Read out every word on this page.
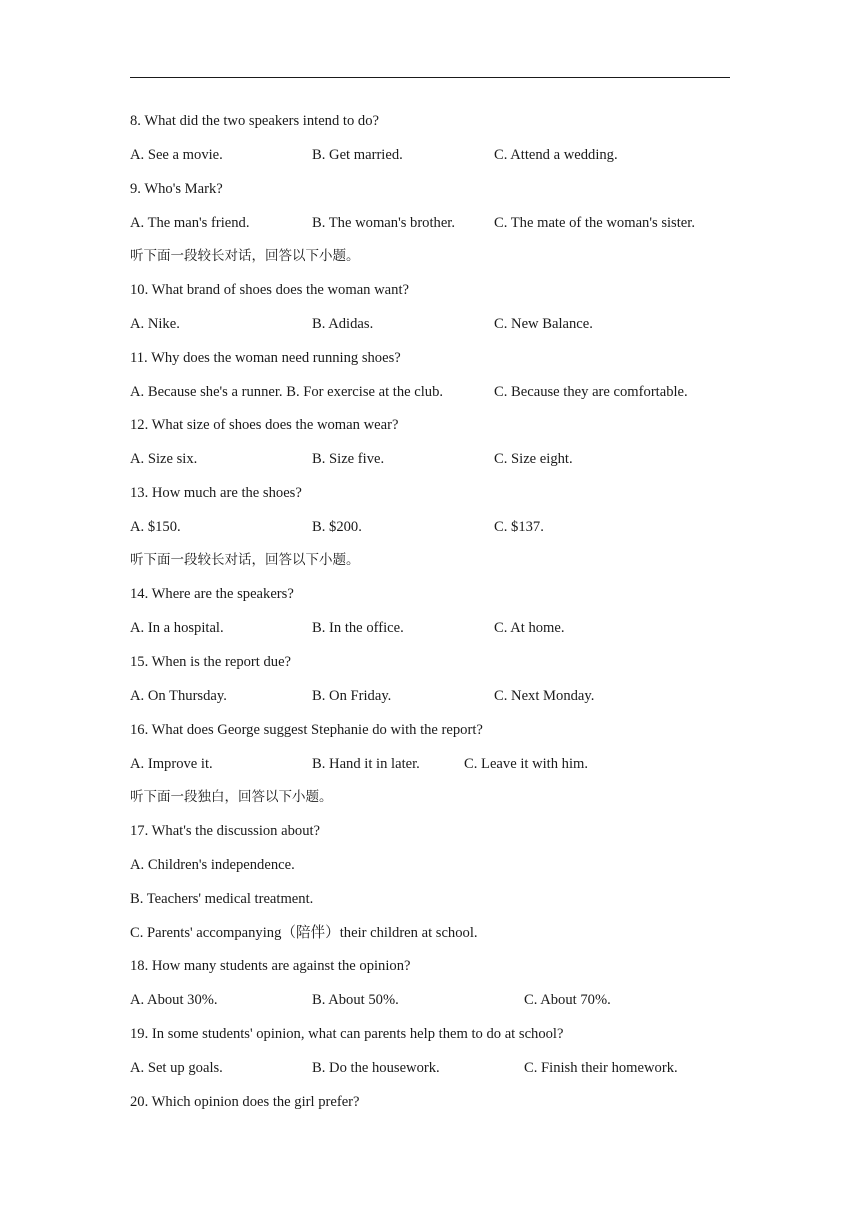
8. What did the two speakers intend to do?
A. See a movie.	B. Get married.	C. Attend a wedding.
9. Who's Mark?
A. The man's friend.	B. The woman's brother.	C. The mate of the woman's sister.
听下面一段较长对话，回答以下小题。
10. What brand of shoes does the woman want?
A. Nike.	B. Adidas.	C. New Balance.
11. Why does the woman need running shoes?
A. Because she's a runner. B. For exercise at the club.	C. Because they are comfortable.
12. What size of shoes does the woman wear?
A. Size six.	B. Size five.	C. Size eight.
13. How much are the shoes?
A. $150.	B. $200.	C. $137.
听下面一段较长对话，回答以下小题。
14. Where are the speakers?
A. In a hospital.	B. In the office.	C. At home.
15. When is the report due?
A. On Thursday.	B. On Friday.	C. Next Monday.
16. What does George suggest Stephanie do with the report?
A. Improve it.	B. Hand it in later.	C. Leave it with him.
听下面一段独白，回答以下小题。
17. What's the discussion about?
A. Children's independence.
B. Teachers' medical treatment.
C. Parents' accompanying（陪伴）their children at school.
18. How many students are against the opinion?
A. About 30%.	B. About 50%.	C. About 70%.
19. In some students' opinion, what can parents help them to do at school?
A. Set up goals.	B. Do the housework.	C. Finish their homework.
20. Which opinion does the girl prefer?
